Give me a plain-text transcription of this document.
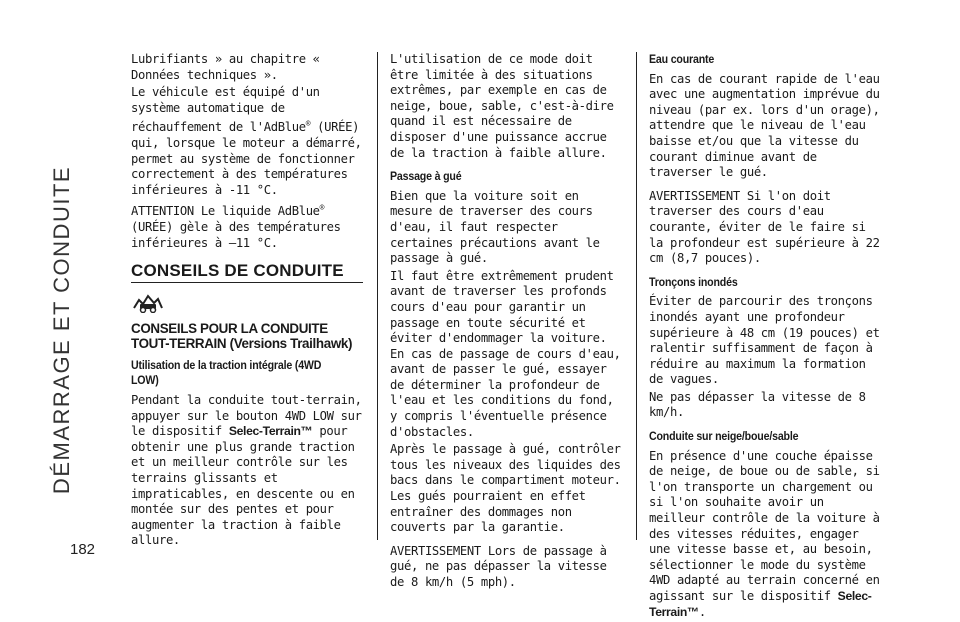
DÉMARRAGE ET CONDUITE
182

Lubrifiants » au chapitre « Données techniques ».

Le véhicule est équipé d'un système automatique de réchauffement de l'AdBlue® (URÉE) qui, lorsque le moteur a démarré, permet au système de fonctionner correctement à des températures inférieures à -11 °C.

ATTENTION Le liquide AdBlue® (URÉE) gèle à des températures inférieures à –11 °C.

CONSEILS DE CONDUITE
CONSEILS POUR LA CONDUITE TOUT-TERRAIN (Versions Trailhawk)
Utilisation de la traction intégrale (4WD LOW)

Pendant la conduite tout-terrain, appuyer sur le bouton 4WD LOW sur le dispositif Selec-Terrain™ pour obtenir une plus grande traction et un meilleur contrôle sur les terrains glissants et impraticables, en descente ou en montée sur des pentes et pour augmenter la traction à faible allure.

L'utilisation de ce mode doit être limitée à des situations extrêmes, par exemple en cas de neige, boue, sable, c'est-à-dire quand il est nécessaire de disposer d'une puissance accrue de la traction à faible allure.

Passage à gué

Bien que la voiture soit en mesure de traverser des cours d'eau, il faut respecter certaines précautions avant le passage à gué.

Il faut être extrêmement prudent avant de traverser les profonds cours d'eau pour garantir un passage en toute sécurité et éviter d'endommager la voiture. En cas de passage de cours d'eau, avant de passer le gué, essayer de déterminer la profondeur de l'eau et les conditions du fond, y compris l'éventuelle présence d'obstacles.

Après le passage à gué, contrôler tous les niveaux des liquides des bacs dans le compartiment moteur. Les gués pourraient en effet entraîner des dommages non couverts par la garantie.

AVERTISSEMENT Lors de passage à gué, ne pas dépasser la vitesse de 8 km/h (5 mph).

Eau courante

En cas de courant rapide de l'eau avec une augmentation imprévue du niveau (par ex. lors d'un orage), attendre que le niveau de l'eau baisse et/ou que la vitesse du courant diminue avant de traverser le gué.

AVERTISSEMENT Si l'on doit traverser des cours d'eau courante, éviter de le faire si la profondeur est supérieure à 22 cm (8,7 pouces).

Tronçons inondés

Éviter de parcourir des tronçons inondés ayant une profondeur supérieure à 48 cm (19 pouces) et ralentir suffisamment de façon à réduire au maximum la formation de vagues.

Ne pas dépasser la vitesse de 8 km/h.

Conduite sur neige/boue/sable

En présence d'une couche épaisse de neige, de boue ou de sable, si l'on transporte un chargement ou si l'on souhaite avoir un meilleur contrôle de la voiture à des vitesses réduites, engager une vitesse basse et, au besoin, sélectionner le mode du système 4WD adapté au terrain concerné en agissant sur le dispositif Selec-Terrain™.
